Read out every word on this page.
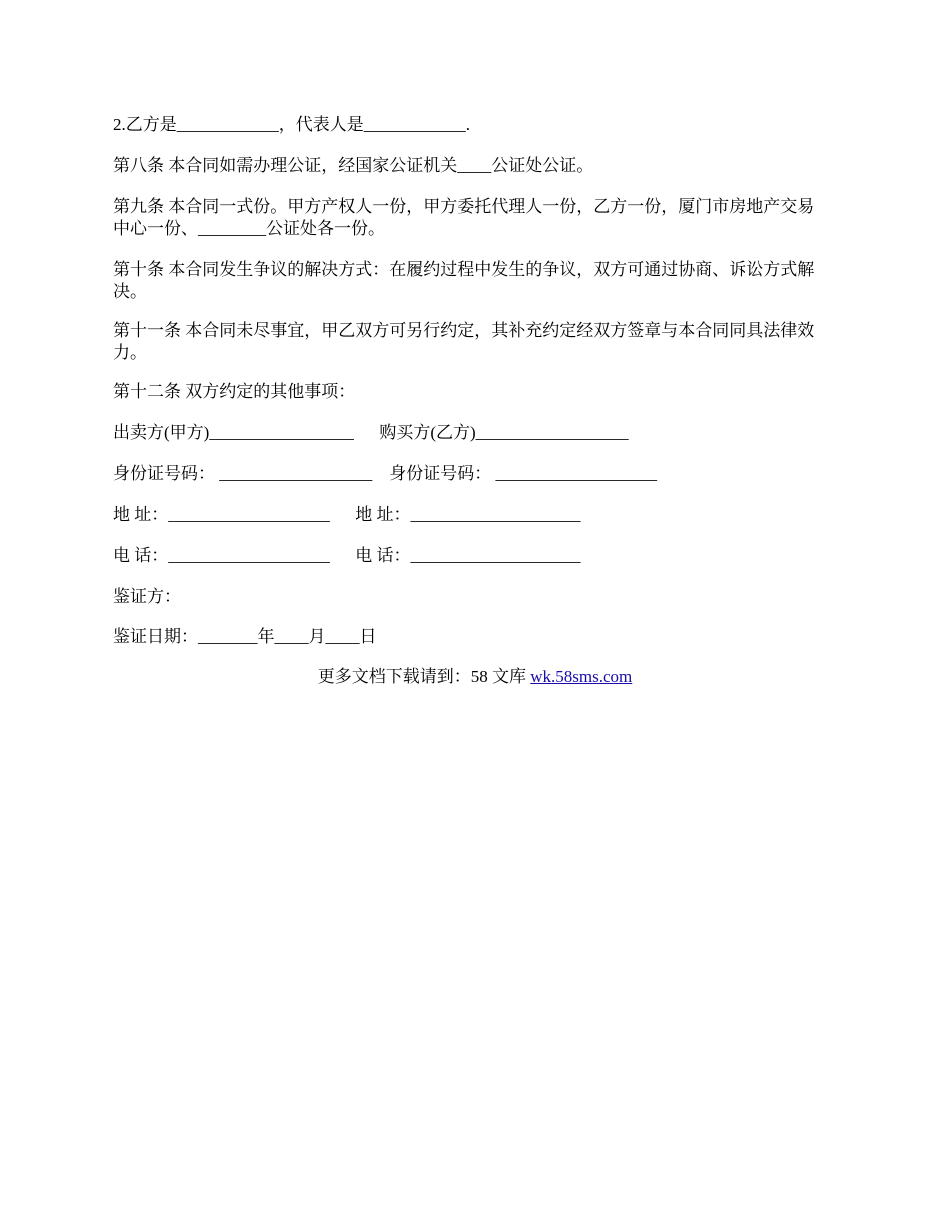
2.乙方是____________，代表人是____________.

第八条 本合同如需办理公证，经国家公证机关____公证处公证。

第九条 本合同一式份。甲方产权人一份，甲方委托代理人一份，乙方一份，厦门市房地产交易中心一份、________公证处各一份。

第十条 本合同发生争议的解决方式：在履约过程中发生的争议，双方可通过协商、诉讼方式解决。

第十一条 本合同未尽事宜，甲乙双方可另行约定，其补充约定经双方签章与本合同同具法律效力。

第十二条 双方约定的其他事项：

出卖方(甲方)_________________      购买方(乙方)__________________

身份证号码： __________________    身份证号码： ___________________

地 址：___________________      地 址：____________________

电 话：___________________      电 话：____________________

鉴证方：

鉴证日期：_______年____月____日

更多文档下载请到：58 文库 wk.58sms.com
